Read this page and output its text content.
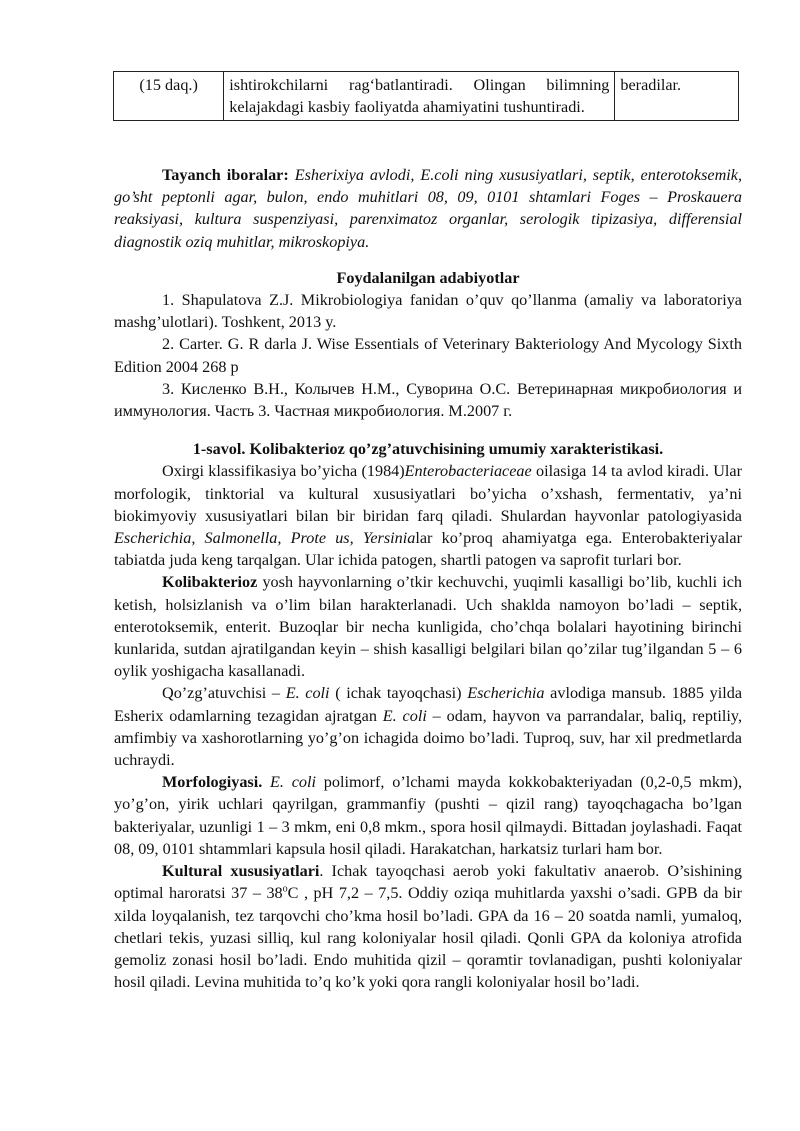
(15 daq.)	ishtirokchilarni rag‘batlantiradi. Olingan bilimning kelajakdagi kasbiy faoliyatda ahamiyatini tushuntiradi.	beradilar.

Tayanch iboralar: Esherixiya avlodi, E.coli ning xususiyatlari, septik, enterotoksemik, go’sht peptonli agar, bulon, endo muhitlari 08, 09, 0101 shtamlari Foges – Proskauera reaksiyasi, kultura suspenziyasi, parenximatoz organlar, serologik tipizasiya, differensial diagnostik oziq muhitlar, mikroskopiya.

Foydalanilgan adabiyotlar

1. Shapulatova Z.J. Mikrobiologiya fanidan o’quv qo’llanma (amaliy va laboratoriya mashg’ulotlari). Toshkent, 2013 y.

2. Carter. G. R darla J. Wise Essentials of Veterinary Bakteriology And Mycology Sixth Edition 2004 268 p

3. Кисленко В.Н., Колычев Н.М., Суворина О.С. Ветеринарная микробиология и иммунология. Часть 3. Частная микробиология. М.2007 г.

1-savol. Kolibakterioz qo’zg’atuvchisining umumiy xarakteristikasi.

Oxirgi klassifikasiya bo’yicha (1984)Enterobacteriaceae oilasiga 14 ta avlod kiradi. Ular morfologik, tinktorial va kultural xususiyatlari bo’yicha o’xshash, fermentativ, ya’ni biokimyoviy xususiyatlari bilan bir biridan farq qiladi. Shulardan hayvonlar patologiyasida Escherichia, Salmonella, Prote us, Yersinialar ko’proq ahamiyatga ega. Enterobakteriyalar tabiatda juda keng tarqalgan. Ular ichida patogen, shartli patogen va saprofit turlari bor.

Kolibakterioz yosh hayvonlarning o’tkir kechuvchi, yuqimli kasalligi bo’lib, kuchli ich ketish, holsizlanish va o’lim bilan harakterlanadi. Uch shaklda namoyon bo’ladi – septik, enterotoksemik, enterit. Buzoqlar bir necha kunligida, cho’chqa bolalari hayotining birinchi kunlarida, sutdan ajratilgandan keyin – shish kasalligi belgilari bilan qo’zilar tug’ilgandan 5 – 6 oylik yoshigacha kasallanadi.

Qo’zg’atuvchisi – E. coli ( ichak tayoqchasi) Escherichia avlodiga mansub. 1885 yilda Esherix odamlarning tezagidan ajratgan E. coli – odam, hayvon va parrandalar, baliq, reptiliy, amfimbiy va xashorotlarning yo’g’on ichagida doimo bo’ladi. Tuproq, suv, har xil predmetlarda uchraydi.

Morfologiyasi. E. coli polimorf, o’lchami mayda kokkobakteriyadan (0,2-0,5 mkm), yo’g’on, yirik uchlari qayrilgan, grammanfiy (pushti – qizil rang) tayoqchagacha bo’lgan bakteriyalar, uzunligi 1 – 3 mkm, eni 0,8 mkm., spora hosil qilmaydi. Bittadan joylashadi. Faqat 08, 09, 0101 shtammlari kapsula hosil qiladi. Harakatchan, harkatsiz turlari ham bor.

Kultural xususiyatlari. Ichak tayoqchasi aerob yoki fakultativ anaerob. O’sishining optimal haroratsi 37 – 38$^o$C , pH 7,2 – 7,5. Oddiy oziqa muhitlarda yaxshi o’sadi. GPB da bir xilda loyqalanish, tez tarqovchi cho’kma hosil bo’ladi. GPA da 16 – 20 soatda namli, yumaloq, chetlari tekis, yuzasi silliq, kul rang koloniyalar hosil qiladi. Qonli GPA da koloniya atrofida gemoliz zonasi hosil bo’ladi. Endo muhitida qizil – qoramtir tovlanadigan, pushti koloniyalar hosil qiladi. Levina muhitida to’q ko’k yoki qora rangli koloniyalar hosil bo’ladi.
